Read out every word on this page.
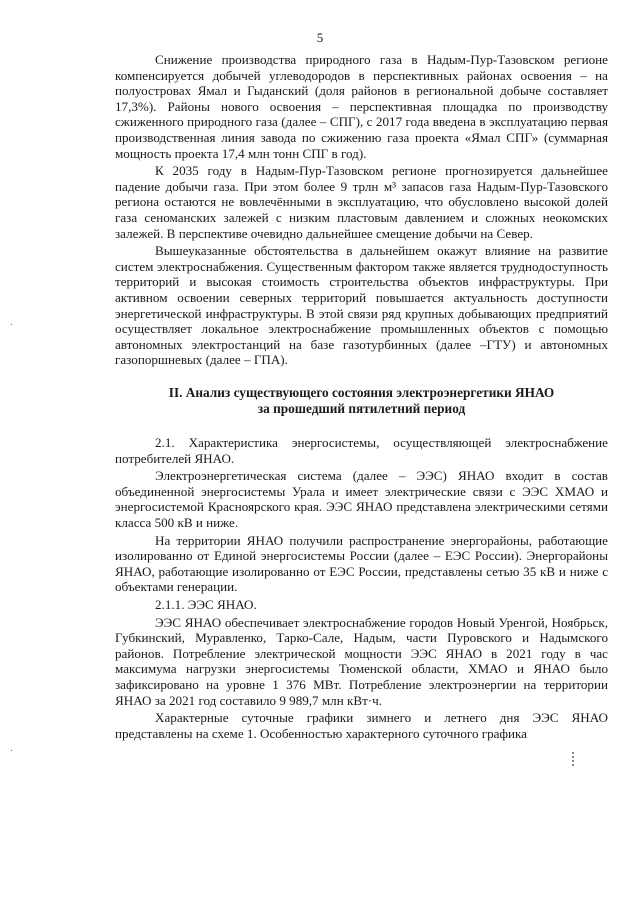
5

Снижение производства природного газа в Надым-Пур-Тазовском регионе компенсируется добычей углеводородов в перспективных районах освоения – на полуостровах Ямал и Гыданский (доля районов в региональной добыче составляет 17,3%). Районы нового освоения – перспективная площадка по производству сжиженного природного газа (далее – СПГ), с 2017 года введена в эксплуатацию первая производственная линия завода по сжижению газа проекта «Ямал СПГ» (суммарная мощность проекта 17,4 млн тонн СПГ в год).

К 2035 году в Надым-Пур-Тазовском регионе прогнозируется дальнейшее падение добычи газа. При этом более 9 трлн м³ запасов газа Надым-Пур-Тазовского региона остаются не вовлечёнными в эксплуатацию, что обусловлено высокой долей газа сеноманских залежей с низким пластовым давлением и сложных неокомских залежей. В перспективе очевидно дальнейшее смещение добычи на Север.

Вышеуказанные обстоятельства в дальнейшем окажут влияние на развитие систем электроснабжения. Существенным фактором также является труднодоступность территорий и высокая стоимость строительства объектов инфраструктуры. При активном освоении северных территорий повышается актуальность доступности энергетической инфраструктуры. В этой связи ряд крупных добывающих предприятий осуществляет локальное электроснабжение промышленных объектов с помощью автономных электростанций на базе газотурбинных (далее –ГТУ) и автономных газопоршневых (далее – ГПА).

II. Анализ существующего состояния электроэнергетики ЯНАО
за прошедший пятилетний период

2.1. Характеристика энергосистемы, осуществляющей электроснабжение потребителей ЯНАО.

Электроэнергетическая система (далее – ЭЭС) ЯНАО входит в состав объединенной энергосистемы Урала и имеет электрические связи с ЭЭС ХМАО и энергосистемой Красноярского края. ЭЭС ЯНАО представлена электрическими сетями класса 500 кВ и ниже.

На территории ЯНАО получили распространение энергорайоны, работающие изолированно от Единой энергосистемы России (далее – ЕЭС России). Энергорайоны ЯНАО, работающие изолированно от ЕЭС России, представлены сетью 35 кВ и ниже с объектами генерации.

2.1.1. ЭЭС ЯНАО.

ЭЭС ЯНАО обеспечивает электроснабжение городов Новый Уренгой, Ноябрьск, Губкинский, Муравленко, Тарко-Сале, Надым, части Пуровского и Надымского районов. Потребление электрической мощности ЭЭС ЯНАО в 2021 году в час максимума нагрузки энергосистемы Тюменской области, ХМАО и ЯНАО было зафиксировано на уровне 1 376 МВт. Потребление электроэнергии на территории ЯНАО за 2021 год составило 9 989,7 млн кВт·ч.

Характерные суточные графики зимнего и летнего дня ЭЭС ЯНАО представлены на схеме 1. Особенностью характерного суточного графика

.
.
